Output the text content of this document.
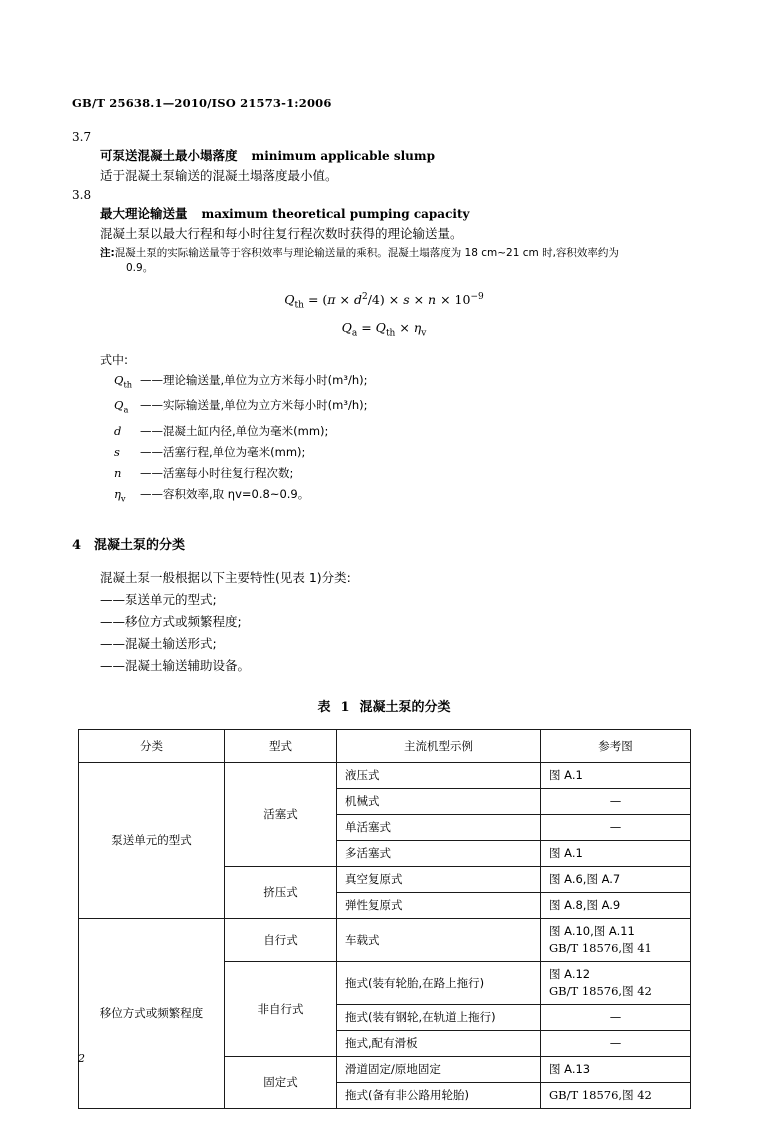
GB/T 25638.1—2010/ISO 21573-1:2006

3.7

可泵送混凝土最小塌落度 minimum applicable slump

适于混凝土泵输送的混凝土塌落度最小值。

3.8

最大理论输送量 maximum theoretical pumping capacity

混凝土泵以最大行程和每小时往复行程次数时获得的理论输送量。

注:混凝土泵的实际输送量等于容积效率与理论输送量的乘积。混凝土塌落度为 18 cm~21 cm 时,容积效率约为

0.9。

$Q_{th} = (\pi \times d^2/4) \times s \times n \times 10^{-9}$
$Q_a = Q_{th} \times \eta_v$

式中:

$Q_{th}$ ——理论输送量,单位为立方米每小时(m³/h);
$Q_a$ ——实际输送量,单位为立方米每小时(m³/h);
d ——混凝土缸内径,单位为毫米(mm);
s ——活塞行程,单位为毫米(mm);
n ——活塞每小时往复行程次数;
$\eta_v$ ——容积效率,取 ηv=0.8~0.9。

4 混凝土泵的分类

混凝土泵一般根据以下主要特性(见表 1)分类:

——泵送单元的型式;

——移位方式或频繁程度;

——混凝土输送形式;

——混凝土输送辅助设备。

表 1 混凝土泵的分类

分类	型式	主流机型示例	参考图
泵送单元的型式	活塞式	液压式	图 A.1
		机械式	—
		单活塞式	—
		多活塞式	图 A.1
	挤压式	真空复原式	图 A.6,图 A.7
		弹性复原式	图 A.8,图 A.9
移位方式或频繁程度	自行式	车载式	图 A.10,图 A.11
GB/T 18576,图 41

	非自行式	拖式(装有轮胎,在路上拖行)	图 A.12
GB/T 18576,图 42

		拖式(装有钢轮,在轨道上拖行)	—
		拖式,配有滑板	—
	固定式	滑道固定/原地固定	图 A.13
		拖式(备有非公路用轮胎)	GB/T 18576,图 42
2
